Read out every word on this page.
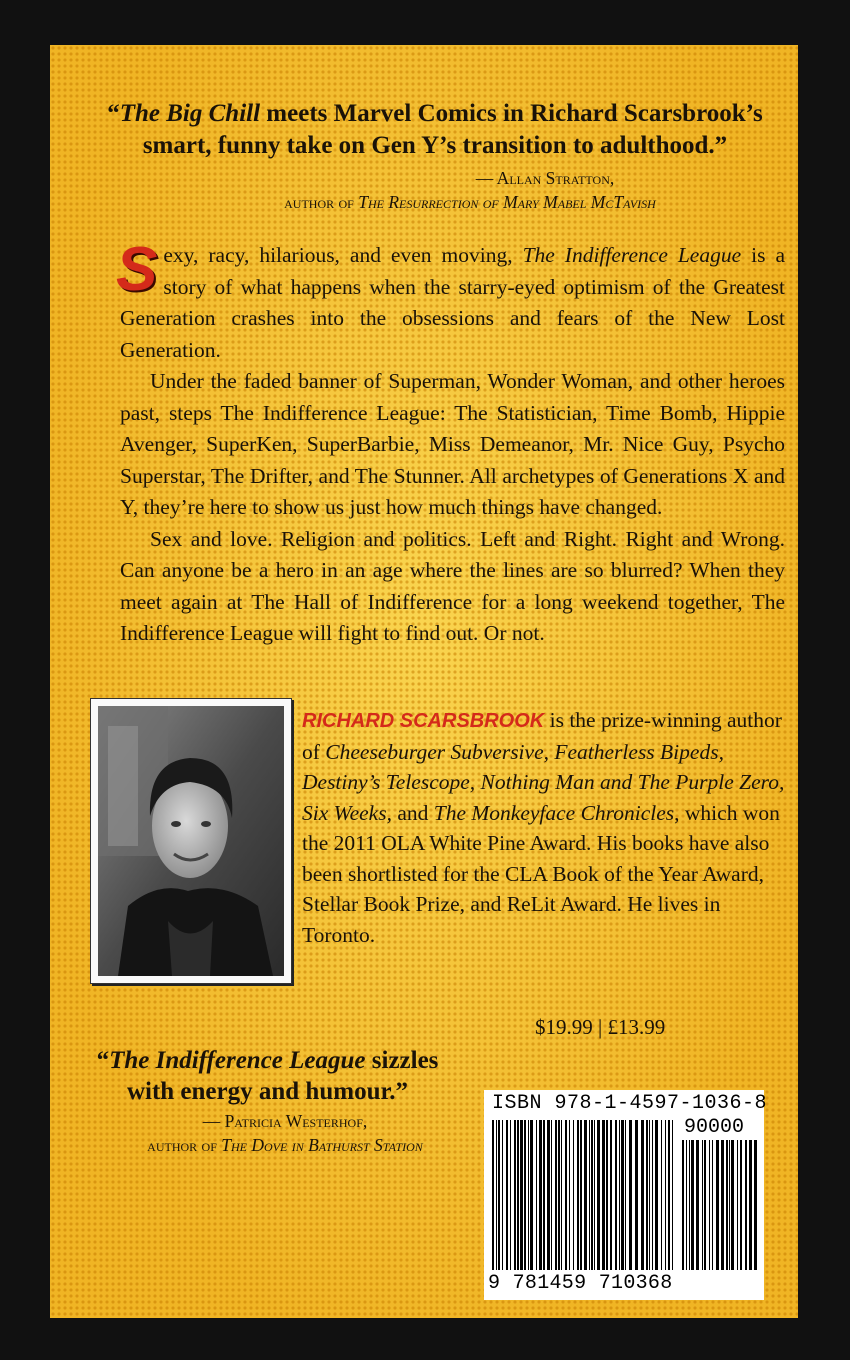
“The Big Chill meets Marvel Comics in Richard Scarsbrook’s smart, funny take on Gen Y’s transition to adulthood.”
— Allan Stratton,
author of The Resurrection of Mary Mabel McTavish

Sexy, racy, hilarious, and even moving, The Indifference League is a story of what happens when the starry-eyed optimism of the Greatest Generation crashes into the obsessions and fears of the New Lost Generation.

Under the faded banner of Superman, Wonder Woman, and other heroes past, steps The Indifference League: The Statistician, Time Bomb, Hippie Avenger, SuperKen, SuperBarbie, Miss Demeanor, Mr. Nice Guy, Psycho Superstar, The Drifter, and The Stunner. All archetypes of Generations X and Y, they’re here to show us just how much things have changed.

Sex and love. Religion and politics. Left and Right. Right and Wrong. Can anyone be a hero in an age where the lines are so blurred? When they meet again at The Hall of Indifference for a long weekend together, The Indifference League will fight to find out. Or not.

RICHARD SCARSBROOK is the prize-winning author of Cheeseburger Subversive, Featherless Bipeds, Destiny’s Telescope, Nothing Man and The Purple Zero, Six Weeks, and The Monkeyface Chronicles, which won the 2011 OLA White Pine Award. His books have also been shortlisted for the CLA Book of the Year Award, Stellar Book Prize, and ReLit Award. He lives in Toronto.
$19.99 | £13.99
“The Indifference League sizzles with energy and humour.”
— Patricia Westerhof,
author of The Dove in Bathurst Station
ISBN 978-1-4597-1036-8
90000
9 781459 710368
